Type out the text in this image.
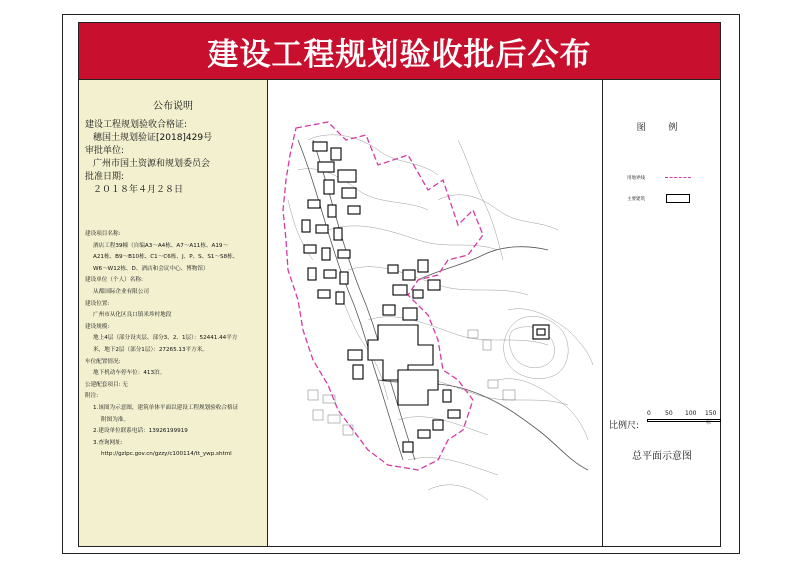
建设工程规划验收批后公布
公布说明
建设工程规划验收合格证:
穗国土规划验证[2018]429号
审批单位:
广州市国土资源和规划委员会
批准日期:
２０１８年４月２８日
建设项目名称:
酒店工程39幢（自编A3～A4栋、A7～A11栋、A19～
A21栋、B9～B10栋、C1～C6栋、J、P、S、S1～S8栋、
W6～W12栋、D、酒店和会议中心、博物馆）
建设单位（个人）名称:
从都国际企业有限公司
建设位置:
广州市从化区良口镇米埗村地段
建设规模:
地上4层（部分设夹层、部分3、2、1层）：52441.44平方
米，地下2层（部分1层）：27265.13平方米。
车位配置情况:
地下机动车停车位：413泊。
公建配套项目: 无
附注:
1.该图为示意图，建筑单体平面以建设工程规划验收合格证
附图为准。
2.建设单位联系电话：13926199919
3.查询网址:
http://gzlpc.gov.cn/gzzy/c100114/tt_ywp.shtml
图 例
用地界线
主要建筑
比例尺:
0 50 100 150米
总平面示意图
